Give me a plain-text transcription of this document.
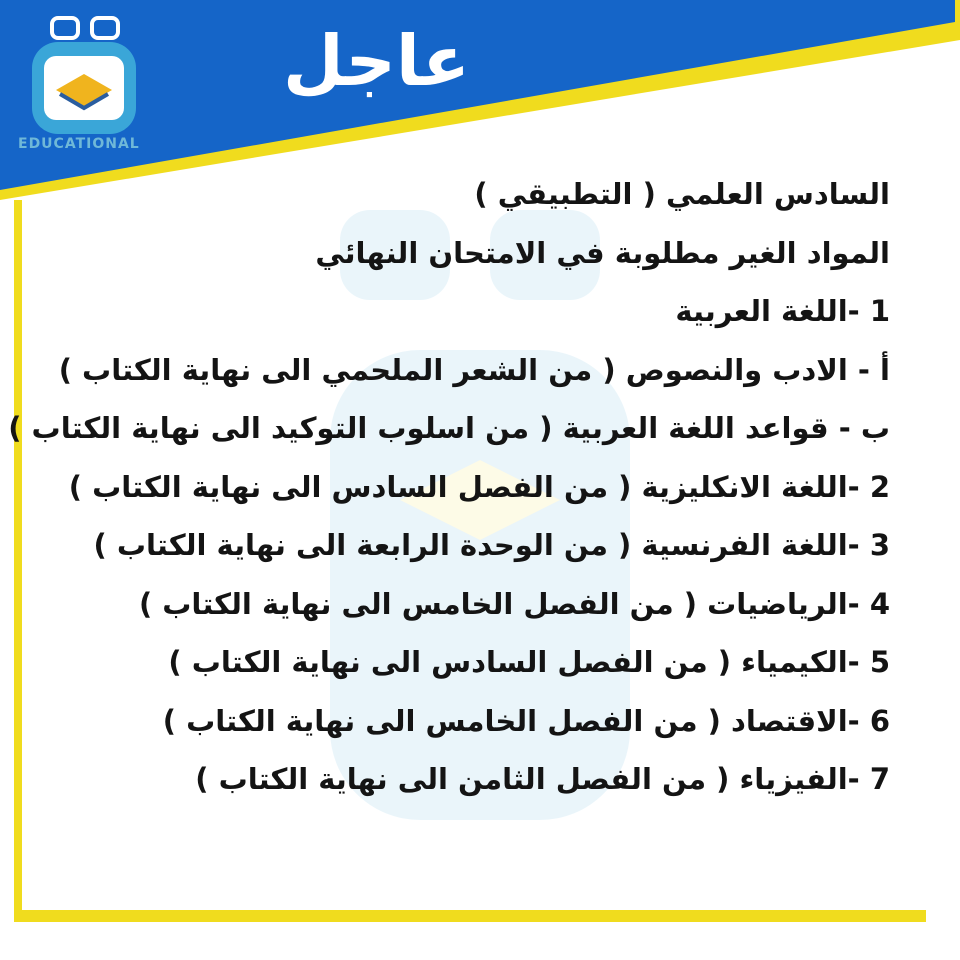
EDUCATIONAL
عاجل
السادس العلمي ( التطبيقي )
المواد الغير مطلوبة في الامتحان النهائي
1 -اللغة العربية
أ - الادب والنصوص ( من الشعر الملحمي الى نهاية الكتاب )
ب - قواعد اللغة العربية ( من اسلوب التوكيد الى نهاية الكتاب )
2 -اللغة الانكليزية ( من الفصل السادس الى نهاية الكتاب )
3 -اللغة الفرنسية ( من الوحدة الرابعة الى نهاية الكتاب )
4 -الرياضيات ( من الفصل الخامس الى نهاية الكتاب )
5 -الكيمياء ( من الفصل السادس الى نهاية الكتاب )
6 -الاقتصاد ( من الفصل الخامس الى نهاية الكتاب )
7 -الفيزياء ( من الفصل الثامن الى نهاية الكتاب )
